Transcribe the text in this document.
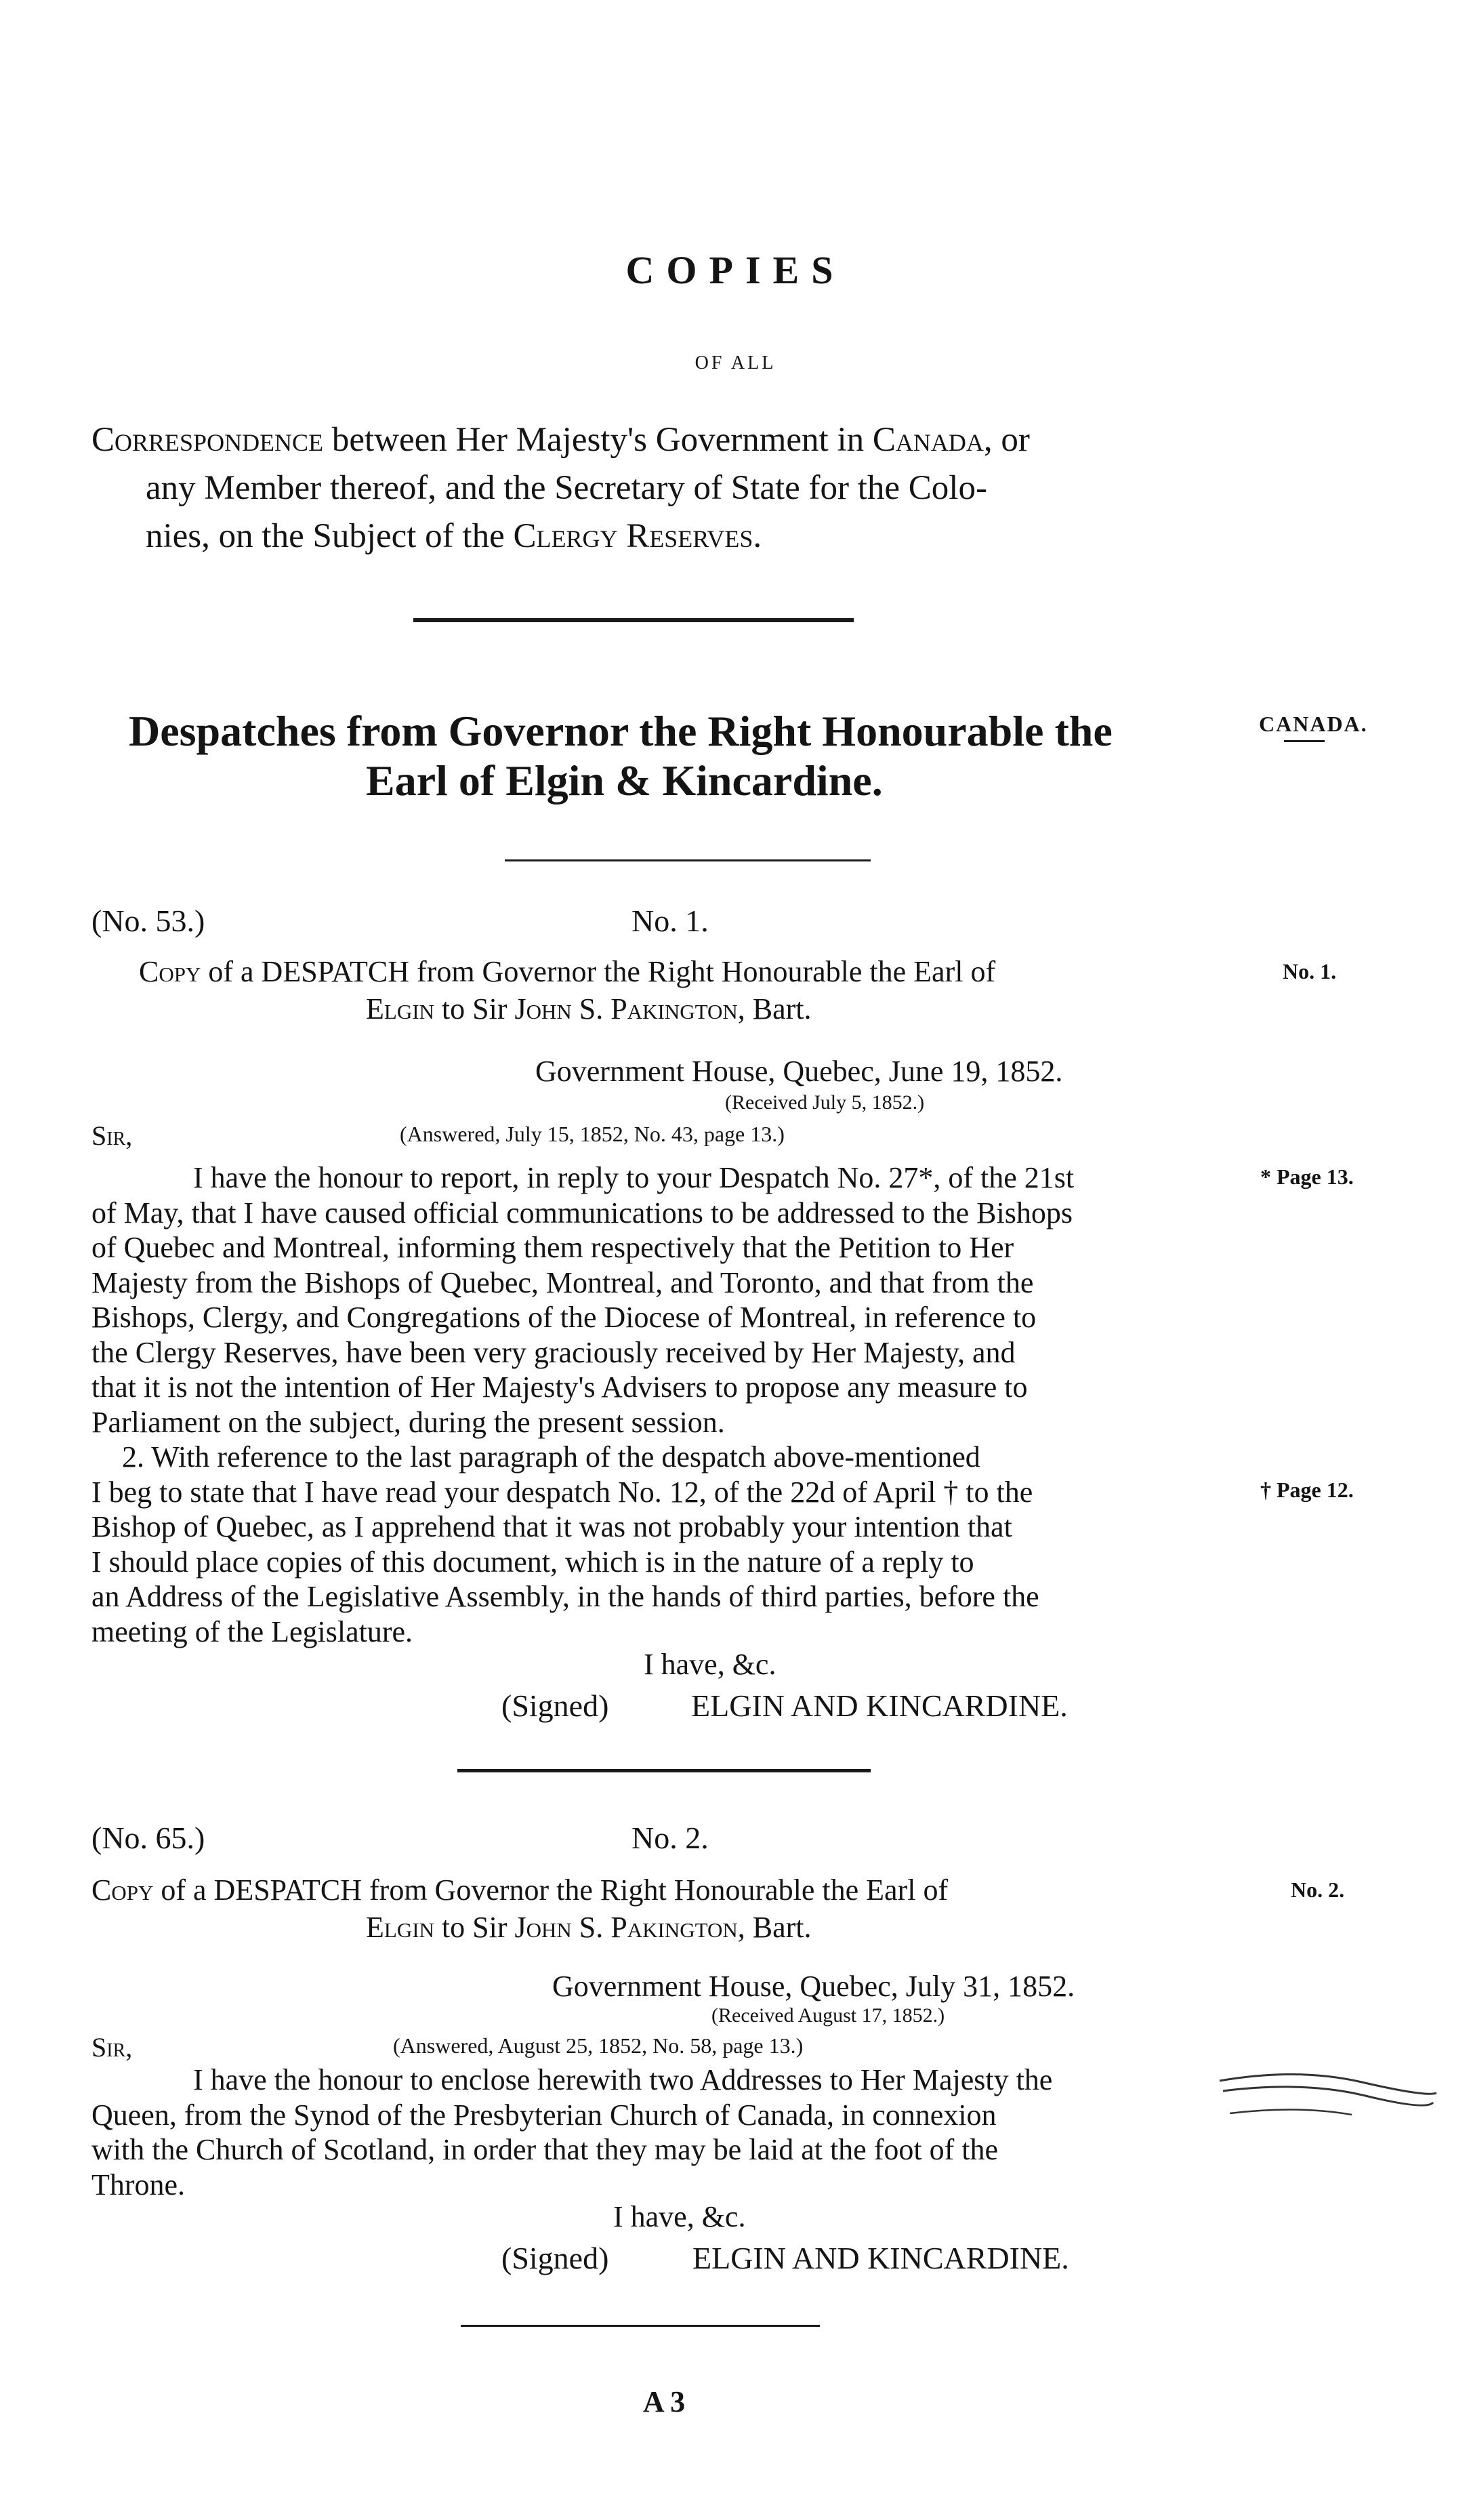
COPIES
OF ALL
Correspondence between Her Majesty's Government in Canada, or
any Member thereof, and the Secretary of State for the Colo-
nies, on the Subject of the Clergy Reserves.
Despatches from Governor the Right Honourable the
Earl of Elgin & Kincardine.
CANADA.
(No. 53.)	No. 1.
Copy of a DESPATCH from Governor the Right Honourable the Earl of
Elgin to Sir John S. Pakington, Bart.
No. 1.
Government House, Quebec, June 19, 1852.
(Received July 5, 1852.)
Sir,	(Answered, July 15, 1852, No. 43, page 13.)

I have the honour to report, in reply to your Despatch No. 27*, of the 21st

of May, that I have caused official communications to be addressed to the Bishops

of Quebec and Montreal, informing them respectively that the Petition to Her

Majesty from the Bishops of Quebec, Montreal, and Toronto, and that from the

Bishops, Clergy, and Congregations of the Diocese of Montreal, in reference to

the Clergy Reserves, have been very graciously received by Her Majesty, and

that it is not the intention of Her Majesty's Advisers to propose any measure to

Parliament on the subject, during the present session.

2. With reference to the last paragraph of the despatch above-mentioned

I beg to state that I have read your despatch No. 12, of the 22d of April † to the

Bishop of Quebec, as I apprehend that it was not probably your intention that

I should place copies of this document, which is in the nature of a reply to

an Address of the Legislative Assembly, in the hands of third parties, before the

meeting of the Legislature.

* Page 13.
† Page 12.
I have, &c.
(Signed)	ELGIN AND KINCARDINE.
(No. 65.)	No. 2.
Copy of a DESPATCH from Governor the Right Honourable the Earl of
Elgin to Sir John S. Pakington, Bart.
No. 2.
Government House, Quebec, July 31, 1852.
(Received August 17, 1852.)
Sir,	(Answered, August 25, 1852, No. 58, page 13.)

I have the honour to enclose herewith two Addresses to Her Majesty the

Queen, from the Synod of the Presbyterian Church of Canada, in connexion

with the Church of Scotland, in order that they may be laid at the foot of the

Throne.

I have, &c.
(Signed)	ELGIN AND KINCARDINE.
A 3
